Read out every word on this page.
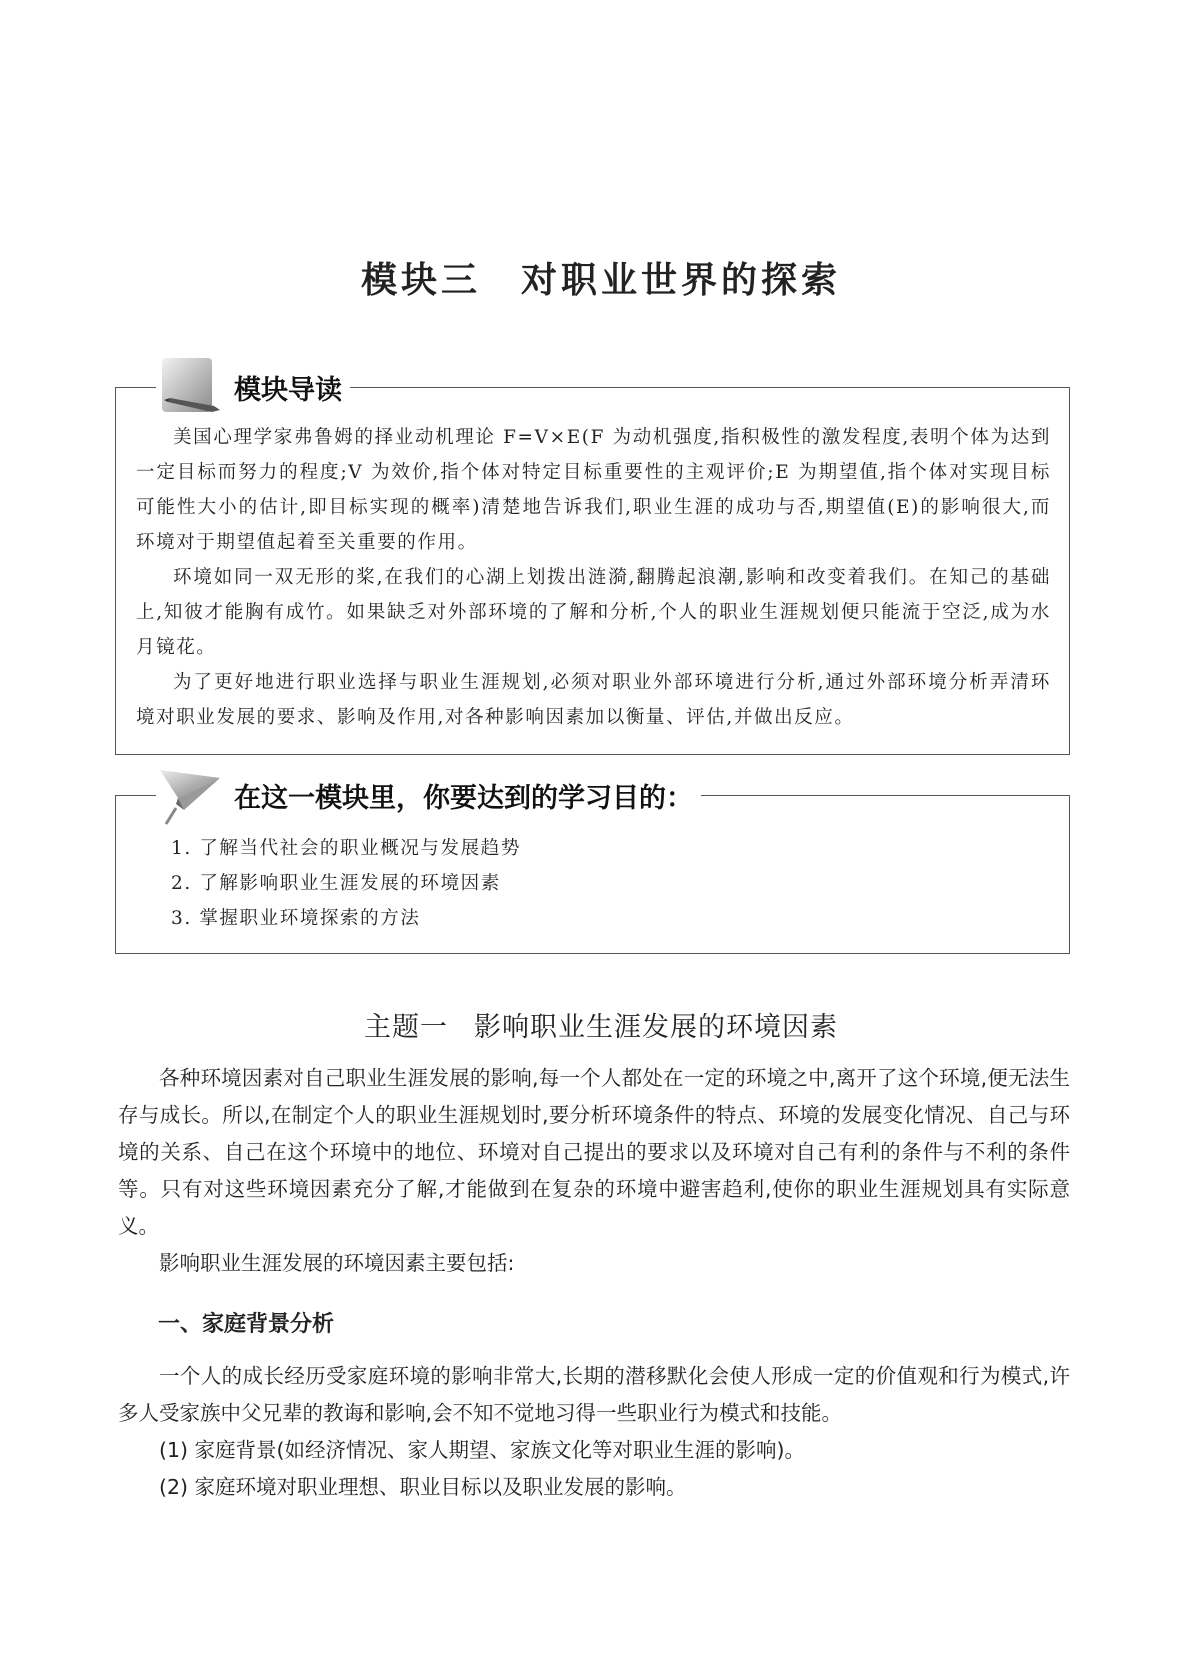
模块三 对职业世界的探索
模块导读

美国心理学家弗鲁姆的择业动机理论 F=V×E(F 为动机强度,指积极性的激发程度,表明个体为达到一定目标而努力的程度;V 为效价,指个体对特定目标重要性的主观评价;E 为期望值,指个体对实现目标可能性大小的估计,即目标实现的概率)清楚地告诉我们,职业生涯的成功与否,期望值(E)的影响很大,而环境对于期望值起着至关重要的作用。

环境如同一双无形的桨,在我们的心湖上划拨出涟漪,翻腾起浪潮,影响和改变着我们。在知己的基础上,知彼才能胸有成竹。如果缺乏对外部环境的了解和分析,个人的职业生涯规划便只能流于空泛,成为水月镜花。

为了更好地进行职业选择与职业生涯规划,必须对职业外部环境进行分析,通过外部环境分析弄清环境对职业发展的要求、影响及作用,对各种影响因素加以衡量、评估,并做出反应。

在这一模块里，你要达到的学习目的：

1. 了解当代社会的职业概况与发展趋势

2. 了解影响职业生涯发展的环境因素

3. 掌握职业环境探索的方法

主题一 影响职业生涯发展的环境因素

各种环境因素对自己职业生涯发展的影响,每一个人都处在一定的环境之中,离开了这个环境,便无法生存与成长。所以,在制定个人的职业生涯规划时,要分析环境条件的特点、环境的发展变化情况、自己与环境的关系、自己在这个环境中的地位、环境对自己提出的要求以及环境对自己有利的条件与不利的条件等。只有对这些环境因素充分了解,才能做到在复杂的环境中避害趋利,使你的职业生涯规划具有实际意义。

影响职业生涯发展的环境因素主要包括:

一、家庭背景分析

一个人的成长经历受家庭环境的影响非常大,长期的潜移默化会使人形成一定的价值观和行为模式,许多人受家族中父兄辈的教诲和影响,会不知不觉地习得一些职业行为模式和技能。

(1) 家庭背景(如经济情况、家人期望、家族文化等对职业生涯的影响)。

(2) 家庭环境对职业理想、职业目标以及职业发展的影响。
